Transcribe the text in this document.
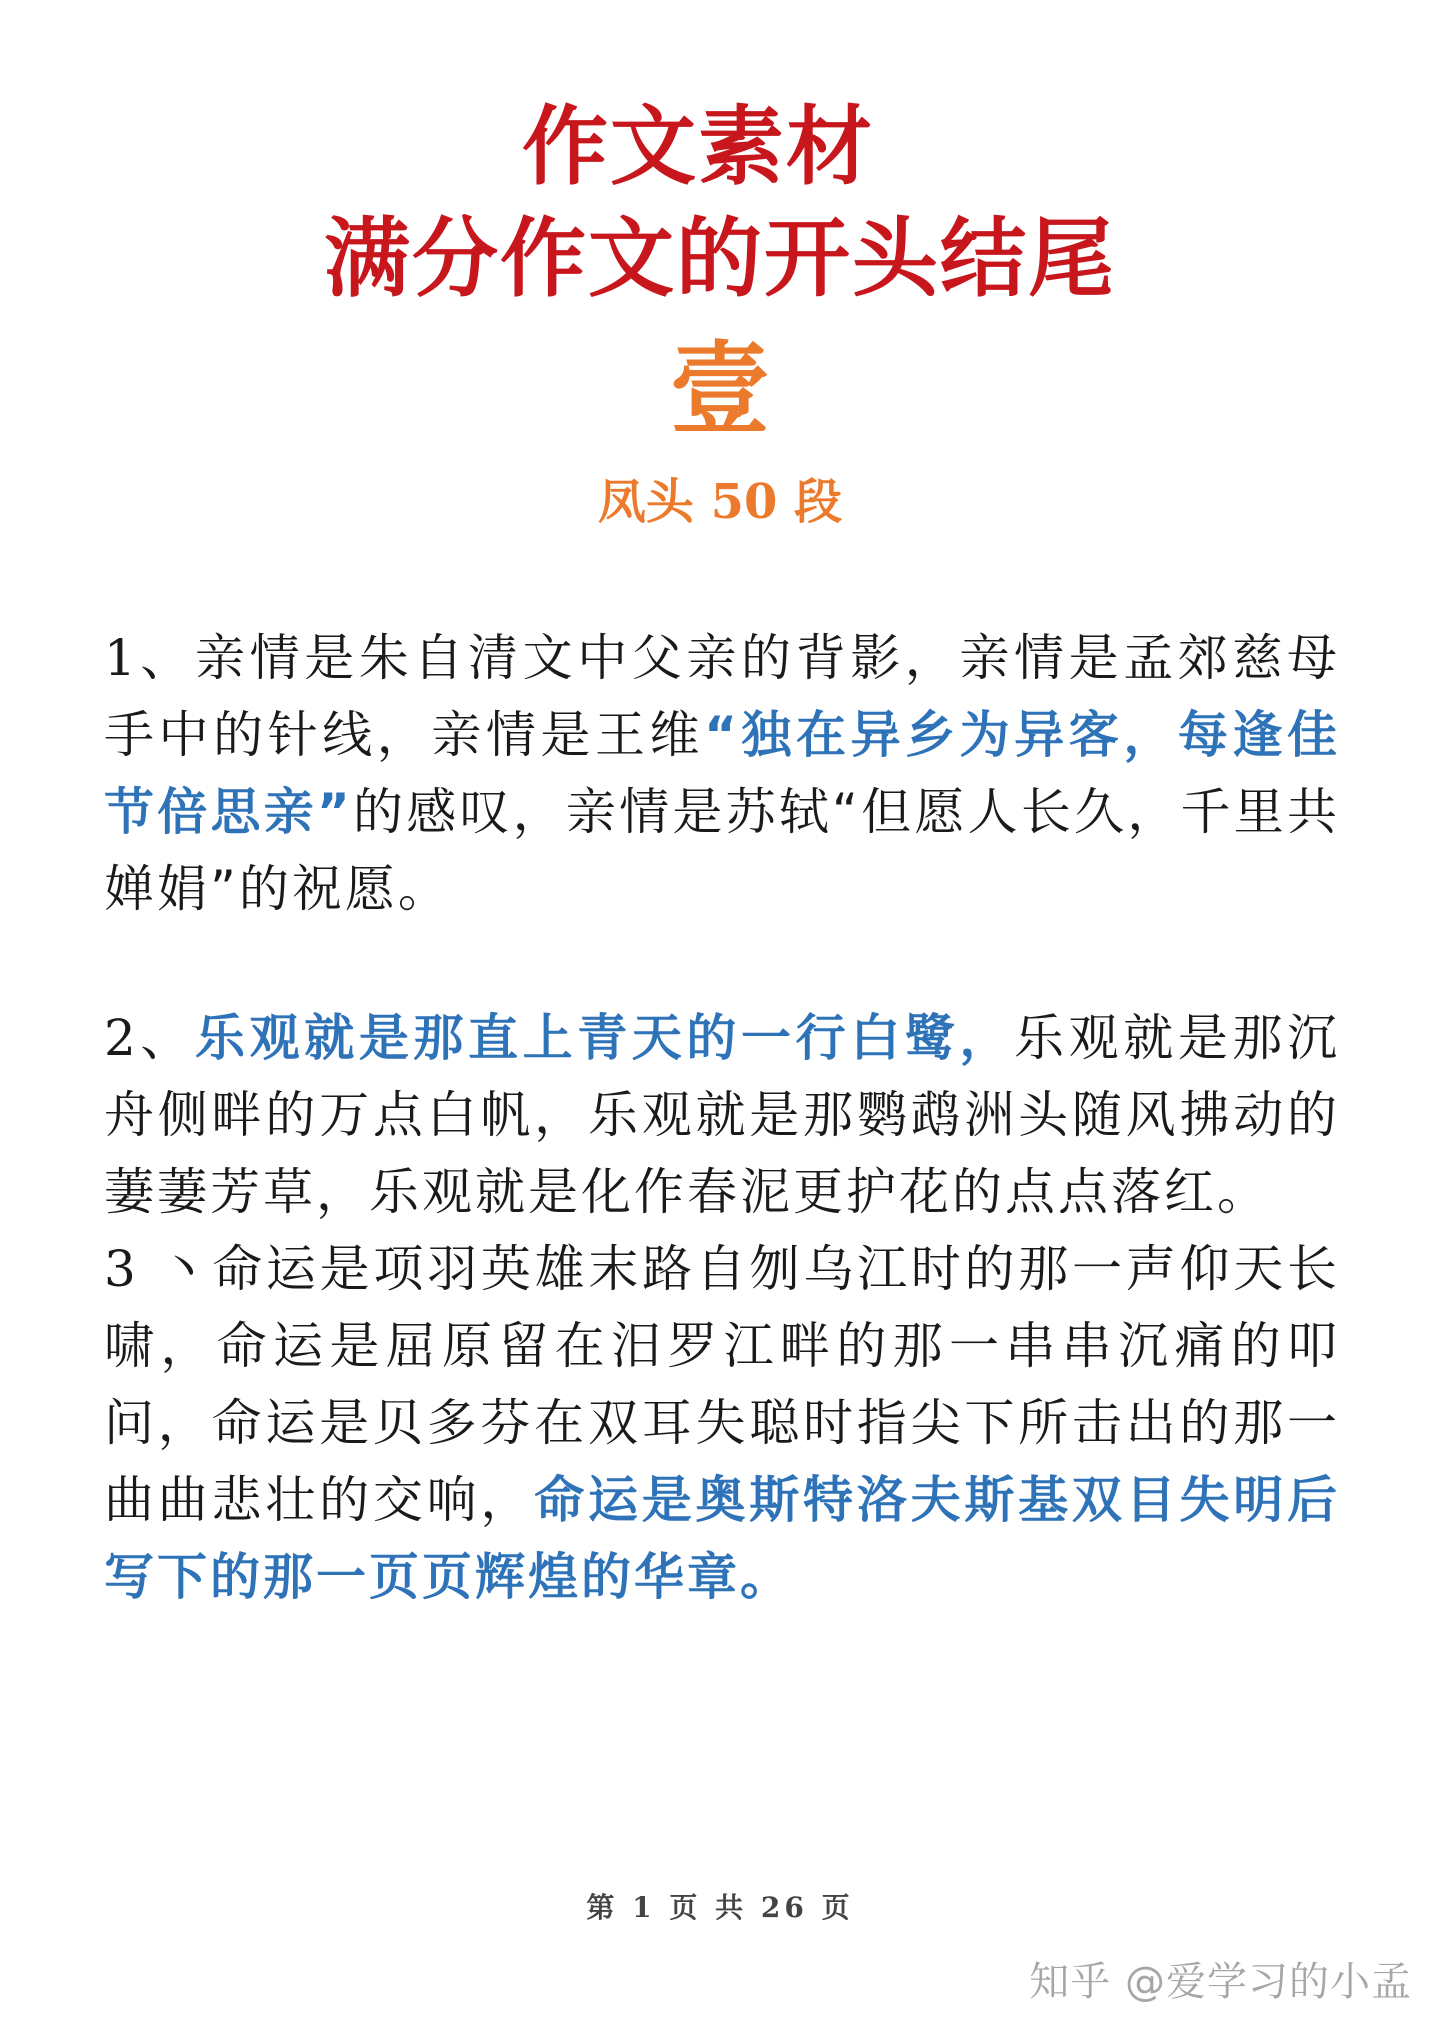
作文素材
满分作文的开头结尾
壹
凤头 50 段

1、亲情是朱自清文中父亲的背影，亲情是孟郊慈母手中的针线，亲情是王维“独在异乡为异客，每逢佳节倍思亲”的感叹，亲情是苏轼“但愿人长久，千里共婵娟”的祝愿。

2、乐观就是那直上青天的一行白鹭，乐观就是那沉舟侧畔的万点白帆，乐观就是那鹦鹉洲头随风拂动的萋萋芳草，乐观就是化作春泥更护花的点点落红。

3 丶命运是项羽英雄末路自刎乌江时的那一声仰天长啸，命运是屈原留在汨罗江畔的那一串串沉痛的叩问，命运是贝多芬在双耳失聪时指尖下所击出的那一曲曲悲壮的交响，命运是奥斯特洛夫斯基双目失明后写下的那一页页辉煌的华章。

第 1 页 共 26 页
知乎 @爱学习的小孟
